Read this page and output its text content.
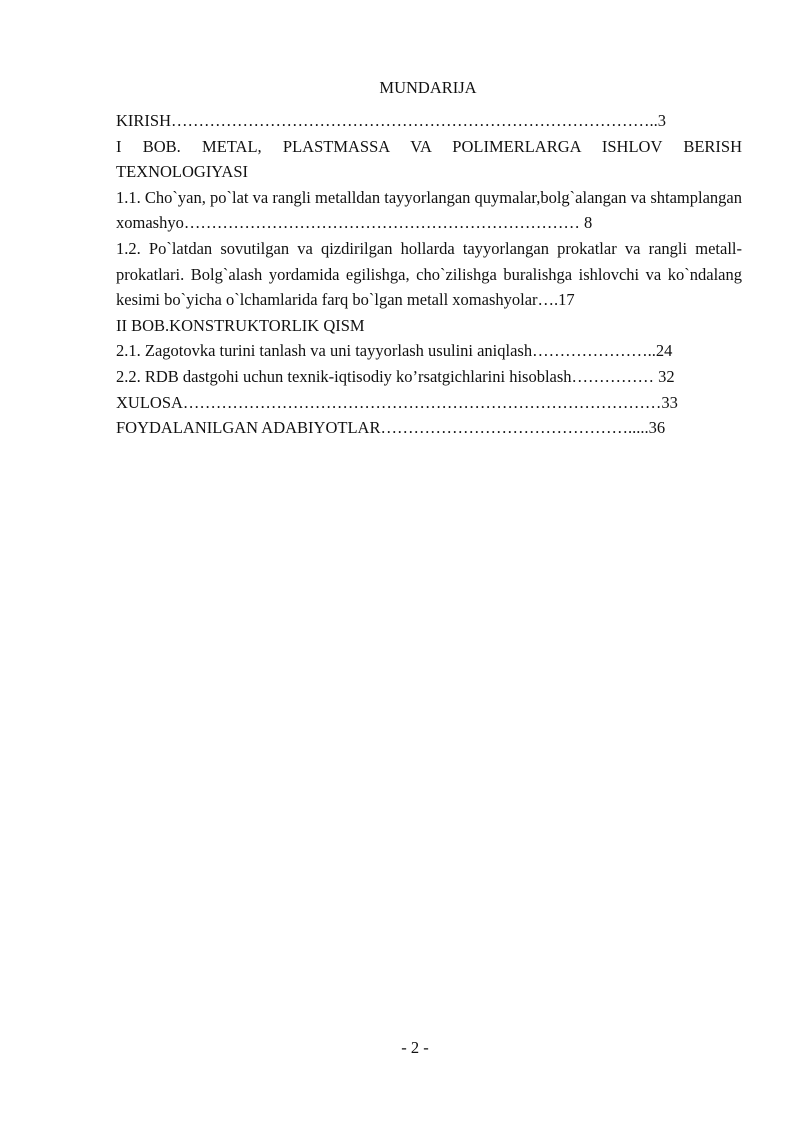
MUNDARIJA

KIRISH……………………………………………………………………………..3

I BOB. METAL, PLASTMASSA VA POLIMERLARGA ISHLOV BERISH TEXNOLOGIYASI

1.1. Cho`yan, po`lat va rangli metalldan tayyorlangan quymalar,bolg`alangan va shtamplangan xomashyo……………………………………………………………… 8

1.2. Po`latdan sovutilgan va qizdirilgan hollarda tayyorlangan prokatlar va rangli metall-prokatlari. Bolg`alash yordamida egilishga, cho`zilishga buralishga ishlovchi va ko`ndalang kesimi bo`yicha o`lchamlarida farq bo`lgan metall xomashyolar….17

II BOB.KONSTRUKTORLIK QISM

2.1. Zagotovka turini tanlash va uni tayyorlash usulini aniqlash…………………..24

2.2. RDB dastgohi uchun texnik-iqtisodiy ko’rsatgichlarini hisoblash…………… 32

XULOSA……………………………………………………………………………33

FOYDALANILGAN ADABIYOTLAR……………………………………….....36

- 2 -
